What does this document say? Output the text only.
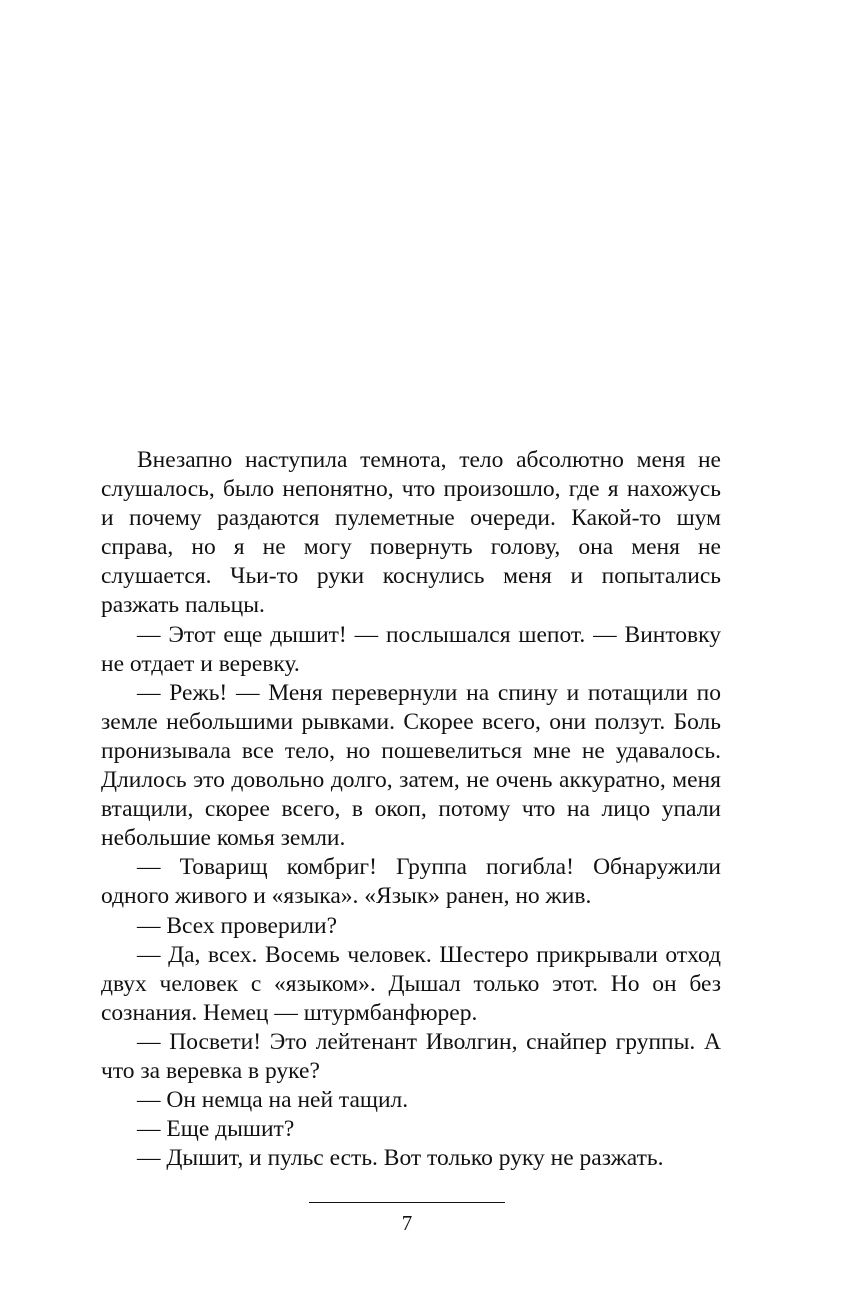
Внезапно наступила темнота, тело абсолютно меня не слушалось, было непонятно, что произошло, где я нахожусь и почему раздаются пулеметные очереди. Какой-то шум справа, но я не могу повернуть голову, она меня не слушается. Чьи-то руки коснулись меня и попытались разжать пальцы.

— Этот еще дышит! — послышался шепот. — Винтовку не отдает и веревку.

— Режь! — Меня перевернули на спину и потащили по земле небольшими рывками. Скорее всего, они ползут. Боль пронизывала все тело, но пошевелиться мне не удавалось. Длилось это довольно долго, затем, не очень аккуратно, меня втащили, скорее всего, в окоп, потому что на лицо упали небольшие комья земли.

— Товарищ комбриг! Группа погибла! Обнаружили одного живого и «языка». «Язык» ранен, но жив.

— Всех проверили?

— Да, всех. Восемь человек. Шестеро прикрывали отход двух человек с «языком». Дышал только этот. Но он без сознания. Немец — штурмбанфюрер.

— Посвети! Это лейтенант Иволгин, снайпер группы. А что за веревка в руке?

— Он немца на ней тащил.

— Еще дышит?

— Дышит, и пульс есть. Вот только руку не разжать.

7
